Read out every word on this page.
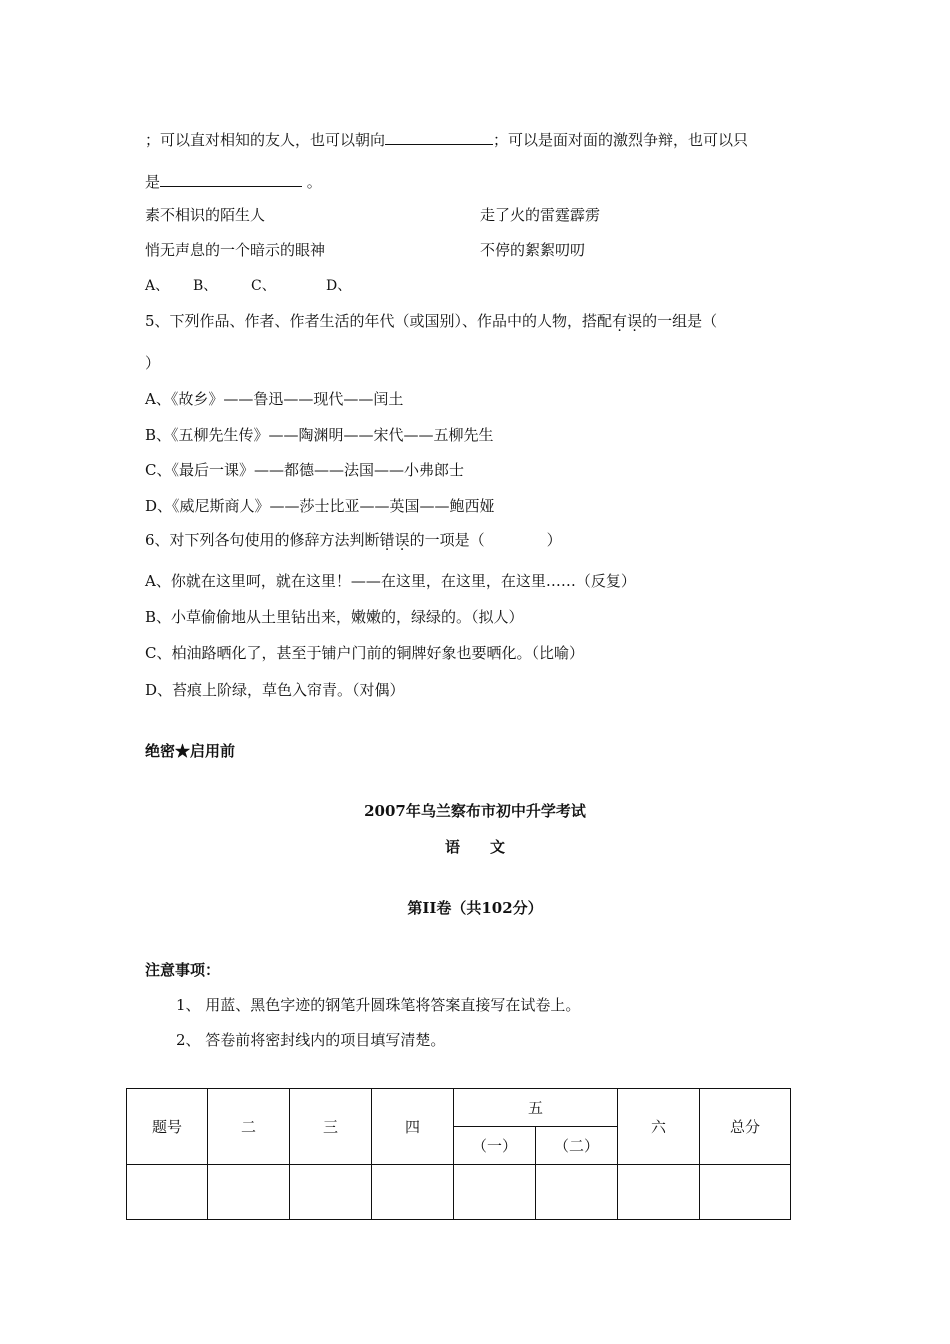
；可以直对相知的友人，也可以朝向	；可以是面对面的激烈争辩，也可以只
是	。
素不相识的陌生人	走了火的雷霆霹雳
悄无声息的一个暗示的眼神	不停的絮絮叨叨
A、 B、 C、	D、
5、下列作品、作者、作者生活的年代（或国别）、作品中的人物，搭配有误的一组是（
）
A、《故乡》——鲁迅——现代——闰土
B、《五柳先生传》——陶渊明——宋代——五柳先生
C、《最后一课》——都德——法国——小弗郎士
D、《威尼斯商人》——莎士比亚——英国——鲍西娅
6、对下列各句使用的修辞方法判断错误的一项是（	）
A、你就在这里呵，就在这里！——在这里，在这里，在这里……（反复）
B、小草偷偷地从土里钻出来，嫩嫩的，绿绿的。（拟人）
C、柏油路晒化了，甚至于铺户门前的铜牌好象也要晒化。（比喻）
D、苔痕上阶绿，草色入帘青。（对偶）
绝密★启用前
2007年乌兰察布市初中升学考试
语　　文
第II卷（共102分）
注意事项：
1、 用蓝、黑色字迹的钢笔升圆珠笔将答案直接写在试卷上。
2、 答卷前将密封线内的项目填写清楚。
题号	二	三	四	五		六	总分
				（一）	（二）		
